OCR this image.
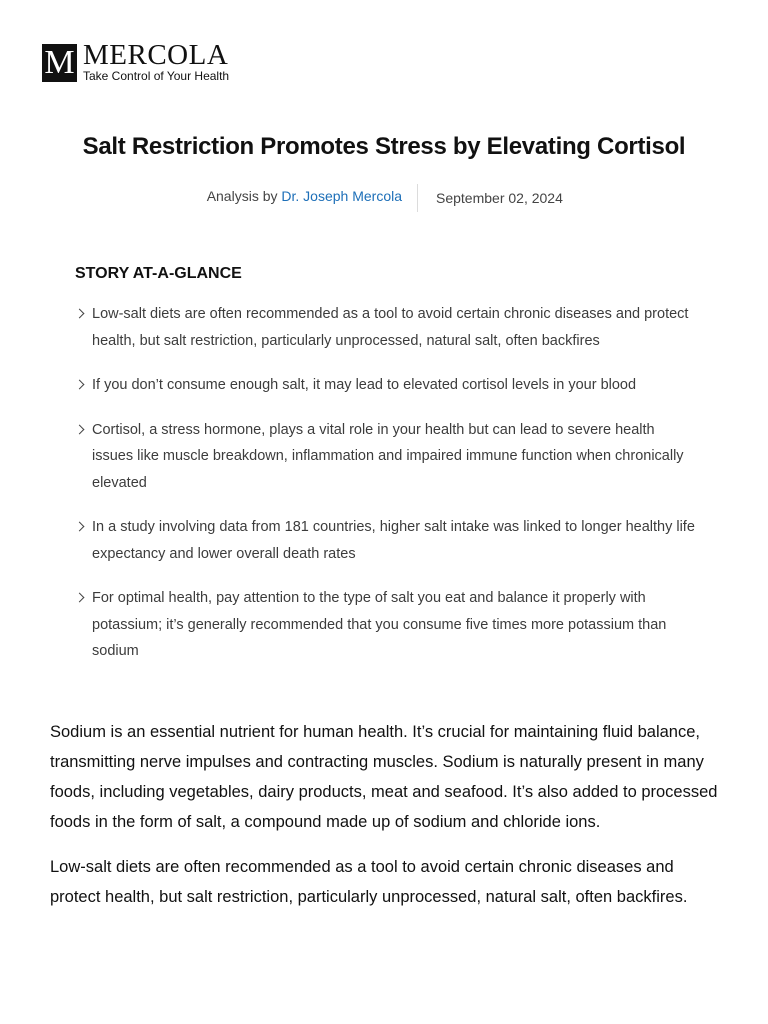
M MERCOLA
Take Control of Your Health
Salt Restriction Promotes Stress by Elevating Cortisol
Analysis by Dr. Joseph Mercola September 02, 2024
STORY AT-A-GLANCE
Low-salt diets are often recommended as a tool to avoid certain chronic diseases and protect health, but salt restriction, particularly unprocessed, natural salt, often backfires
If you don’t consume enough salt, it may lead to elevated cortisol levels in your blood
Cortisol, a stress hormone, plays a vital role in your health but can lead to severe health issues like muscle breakdown, inflammation and impaired immune function when chronically elevated
In a study involving data from 181 countries, higher salt intake was linked to longer healthy life expectancy and lower overall death rates
For optimal health, pay attention to the type of salt you eat and balance it properly with potassium; it’s generally recommended that you consume five times more potassium than sodium

Sodium is an essential nutrient for human health. It’s crucial for maintaining fluid balance, transmitting nerve impulses and contracting muscles. Sodium is naturally present in many foods, including vegetables, dairy products, meat and seafood. It’s also added to processed foods in the form of salt, a compound made up of sodium and chloride ions.

Low-salt diets are often recommended as a tool to avoid certain chronic diseases and protect health, but salt restriction, particularly unprocessed, natural salt, often backfires.
